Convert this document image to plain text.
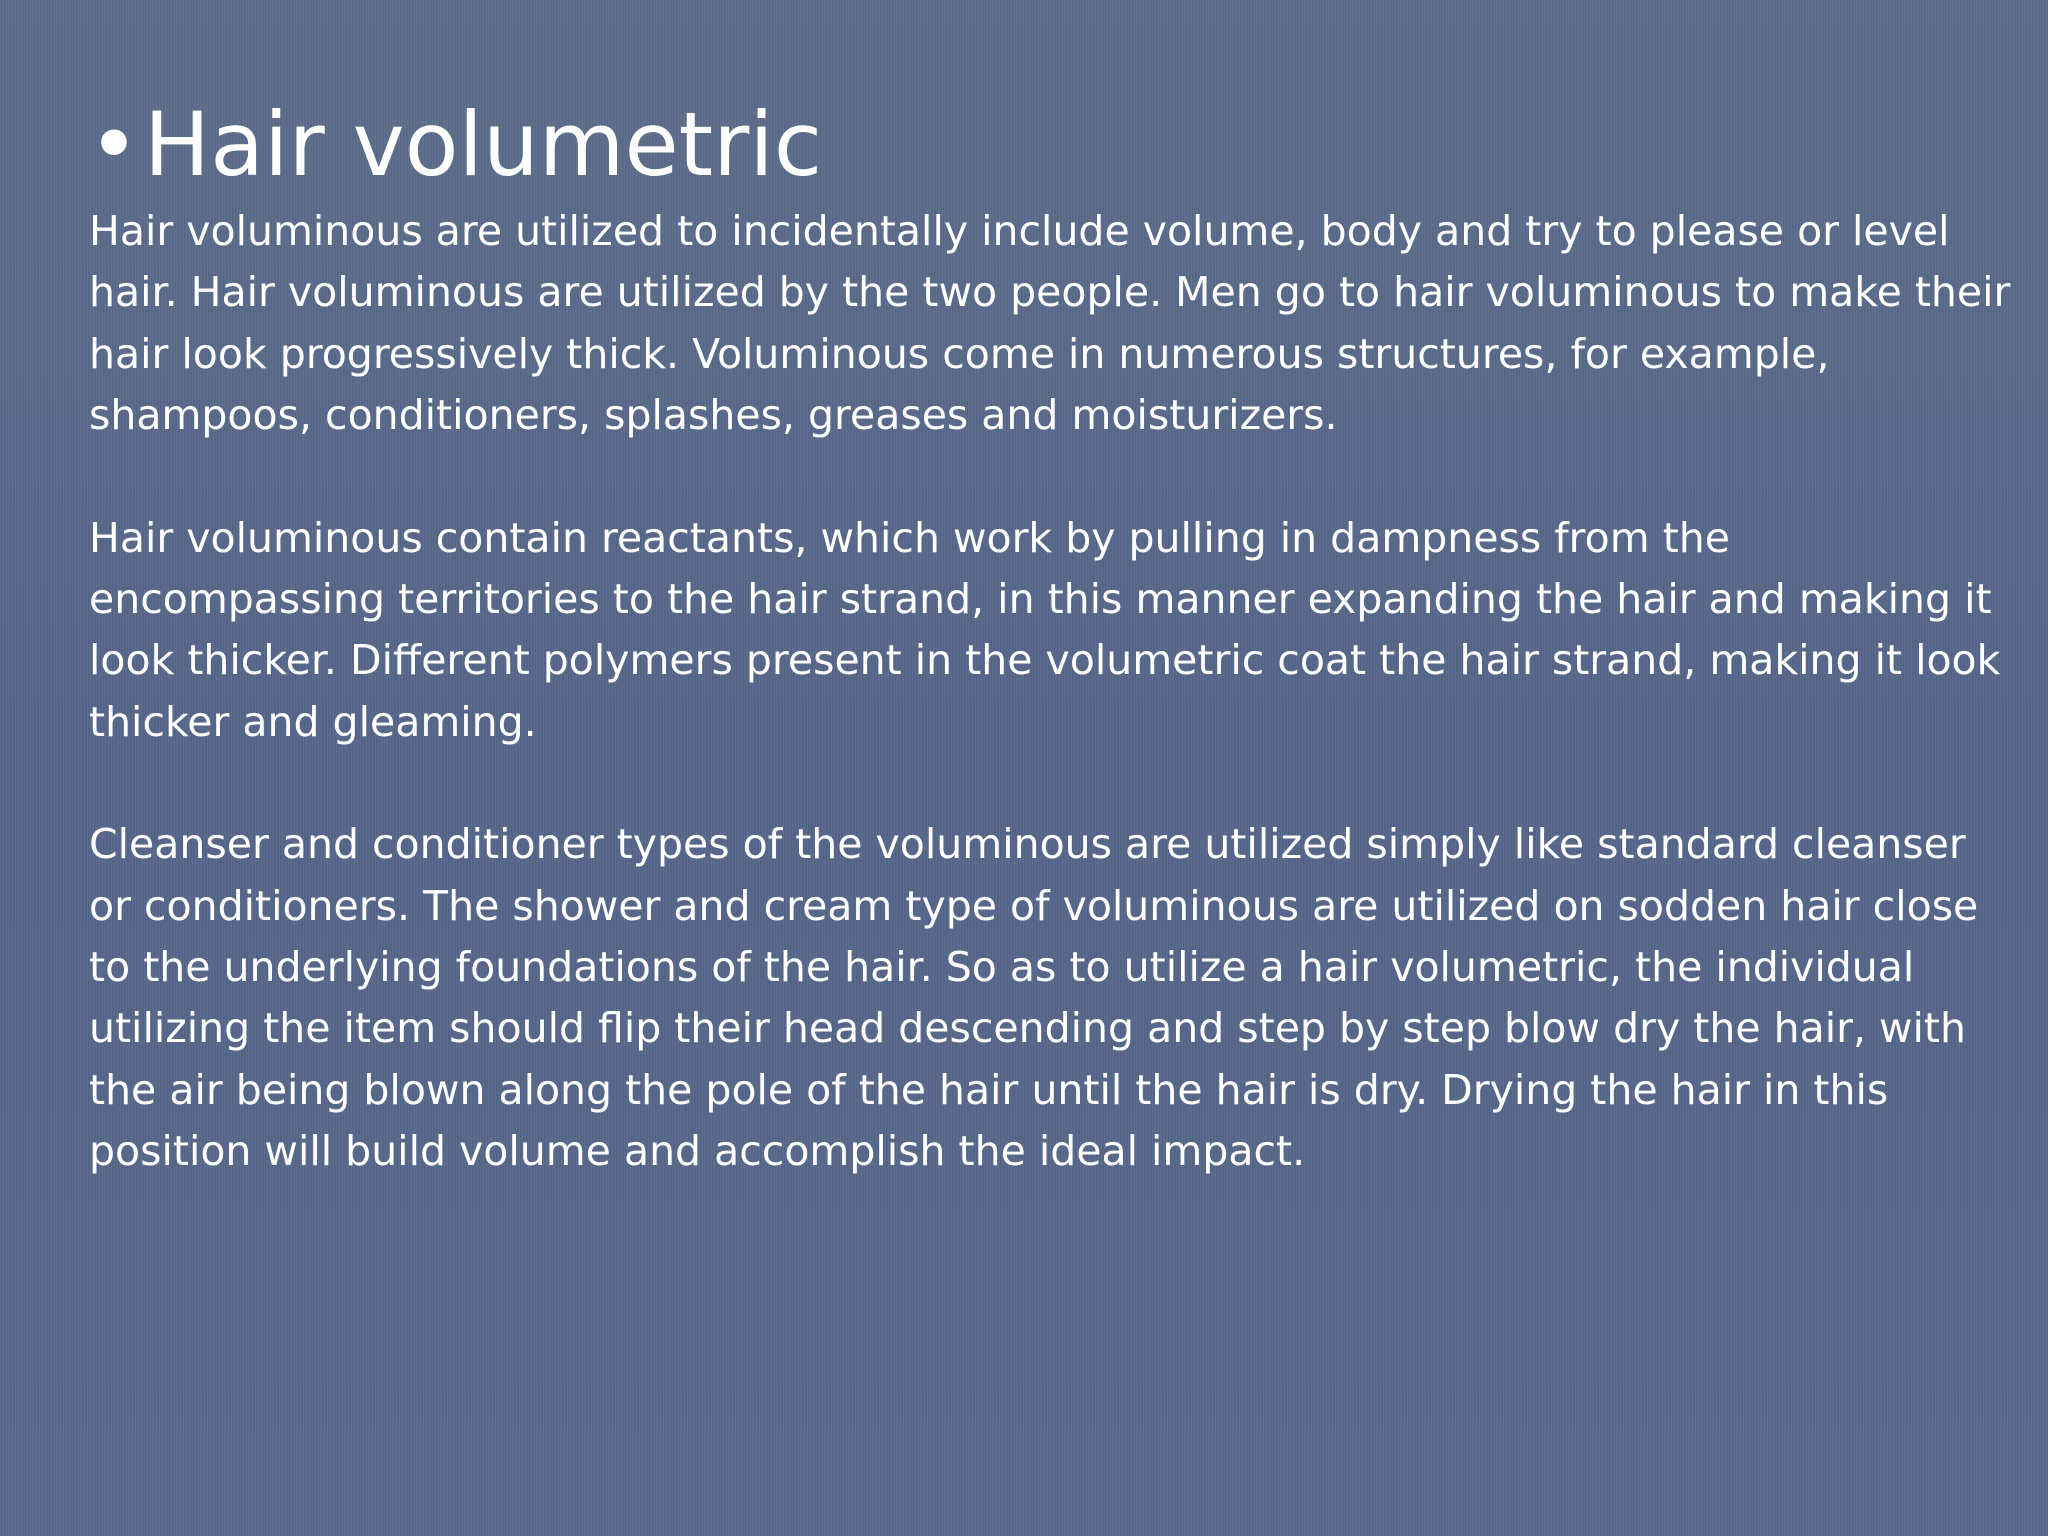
•Hair volumetric

Hair voluminous are utilized to incidentally include volume, body and try to please or level hair. Hair voluminous are utilized by the two people. Men go to hair voluminous to make their hair look progressively thick. Voluminous come in numerous structures, for example, shampoos, conditioners, splashes, greases and moisturizers.

Hair voluminous contain reactants, which work by pulling in dampness from the encompassing territories to the hair strand, in this manner expanding the hair and making it look thicker. Different polymers present in the volumetric coat the hair strand, making it look thicker and gleaming.

Cleanser and conditioner types of the voluminous are utilized simply like standard cleanser or conditioners. The shower and cream type of voluminous are utilized on sodden hair close to the underlying foundations of the hair. So as to utilize a hair volumetric, the individual utilizing the item should flip their head descending and step by step blow dry the hair, with the air being blown along the pole of the hair until the hair is dry. Drying the hair in this position will build volume and accomplish the ideal impact.
